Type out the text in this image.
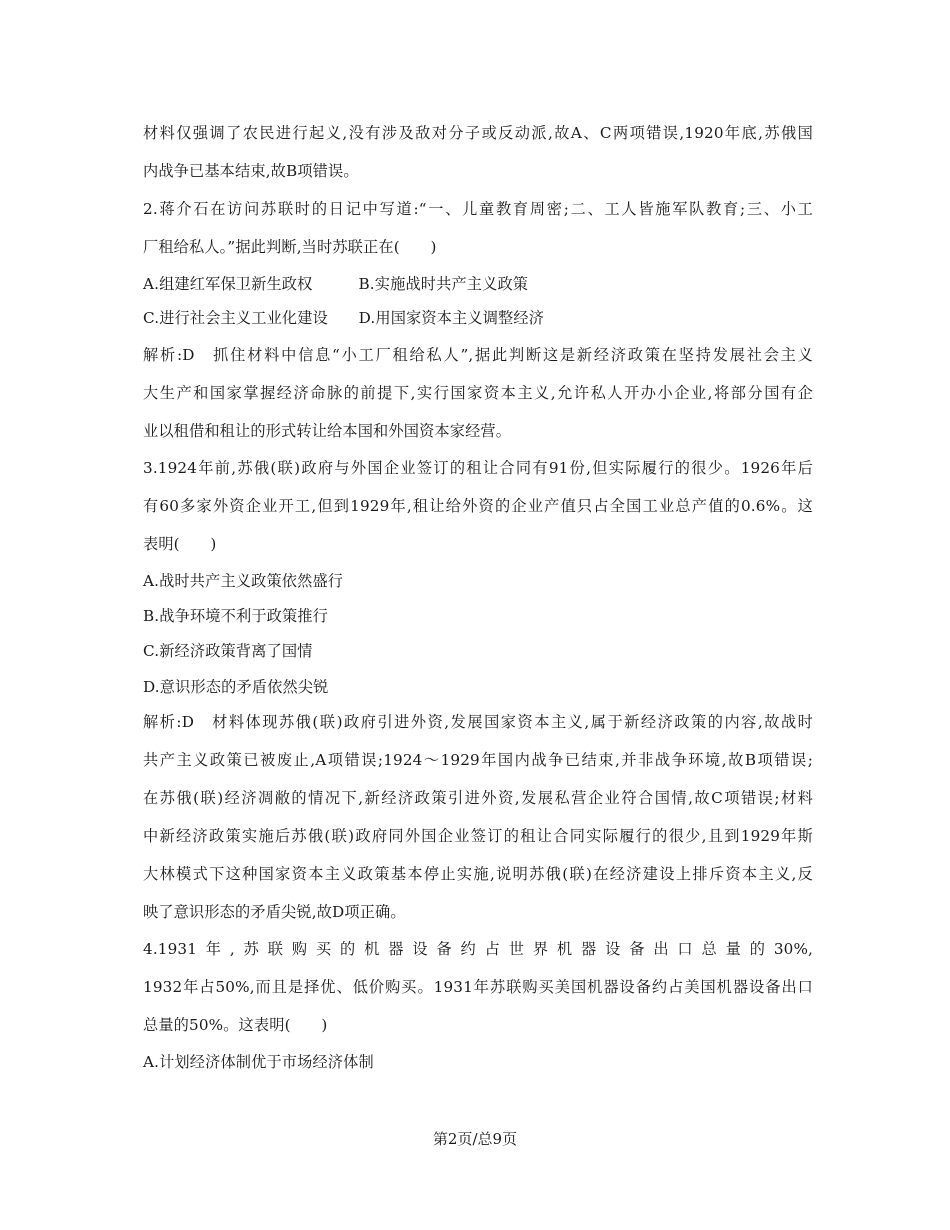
材料仅强调了农民进行起义,没有涉及敌对分子或反动派,故A、C两项错误,1920年底,苏俄国
内战争已基本结束,故B项错误。
2.蒋介石在访问苏联时的日记中写道:“一、儿童教育周密;二、工人皆施军队教育;三、小工
厂租给私人。”据此判断,当时苏联正在(　　)
A.组建红军保卫新生政权　　　B.实施战时共产主义政策
C.进行社会主义工业化建设　　D.用国家资本主义调整经济
解析:D　抓住材料中信息“小工厂租给私人”,据此判断这是新经济政策在坚持发展社会主义
大生产和国家掌握经济命脉的前提下,实行国家资本主义,允许私人开办小企业,将部分国有企
业以租借和租让的形式转让给本国和外国资本家经营。
3.1924年前,苏俄(联)政府与外国企业签订的租让合同有91份,但实际履行的很少。1926年后
有60多家外资企业开工,但到1929年,租让给外资的企业产值只占全国工业总产值的0.6%。这
表明(　　)
A.战时共产主义政策依然盛行
B.战争环境不利于政策推行
C.新经济政策背离了国情
D.意识形态的矛盾依然尖锐
解析:D　材料体现苏俄(联)政府引进外资,发展国家资本主义,属于新经济政策的内容,故战时
共产主义政策已被废止,A项错误;1924～1929年国内战争已结束,并非战争环境,故B项错误;
在苏俄(联)经济凋敝的情况下,新经济政策引进外资,发展私营企业符合国情,故C项错误;材料
中新经济政策实施后苏俄(联)政府同外国企业签订的租让合同实际履行的很少,且到1929年斯
大林模式下这种国家资本主义政策基本停止实施,说明苏俄(联)在经济建设上排斥资本主义,反
映了意识形态的矛盾尖锐,故D项正确。
4.1931年,苏联购买的机器设备约占世界机器设备出口总量的30%,
1932年占50%,而且是择优、低价购买。1931年苏联购买美国机器设备约占美国机器设备出口
总量的50%。这表明(　　)
A.计划经济体制优于市场经济体制
第2页/总9页
